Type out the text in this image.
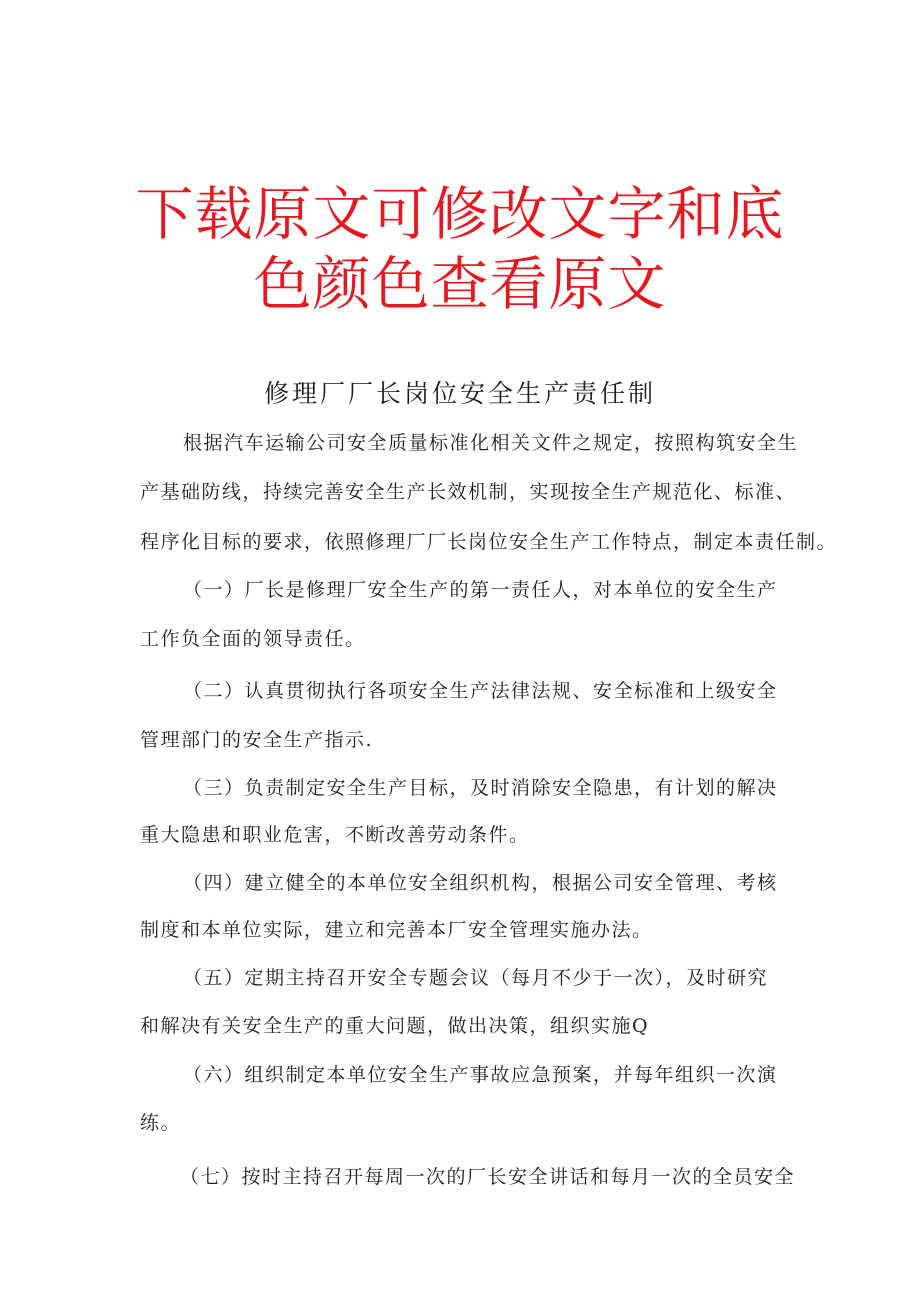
下载原文可修改文字和底
色颜色查看原文
修理厂厂长岗位安全生产责任制
根据汽车运输公司安全质量标准化相关文件之规定，按照构筑安全生
产基础防线，持续完善安全生产长效机制，实现按全生产规范化、标准、
程序化目标的要求，依照修理厂厂长岗位安全生产工作特点，制定本责任制。
（一）厂长是修理厂安全生产的第一责任人，对本单位的安全生产
工作负全面的领导责任。
（二）认真贯彻执行各项安全生产法律法规、安全标准和上级安全
管理部门的安全生产指示.
（三）负责制定安全生产目标，及时消除安全隐患，有计划的解决
重大隐患和职业危害，不断改善劳动条件。
（四）建立健全的本单位安全组织机构，根据公司安全管理、考核
制度和本单位实际，建立和完善本厂安全管理实施办法。
（五）定期主持召开安全专题会议（每月不少于一次），及时研究
和解决有关安全生产的重大问题，做出决策，组织实施Q
（六）组织制定本单位安全生产事故应急预案，并每年组织一次演
练。
（七）按时主持召开每周一次的厂长安全讲话和每月一次的全员安全
